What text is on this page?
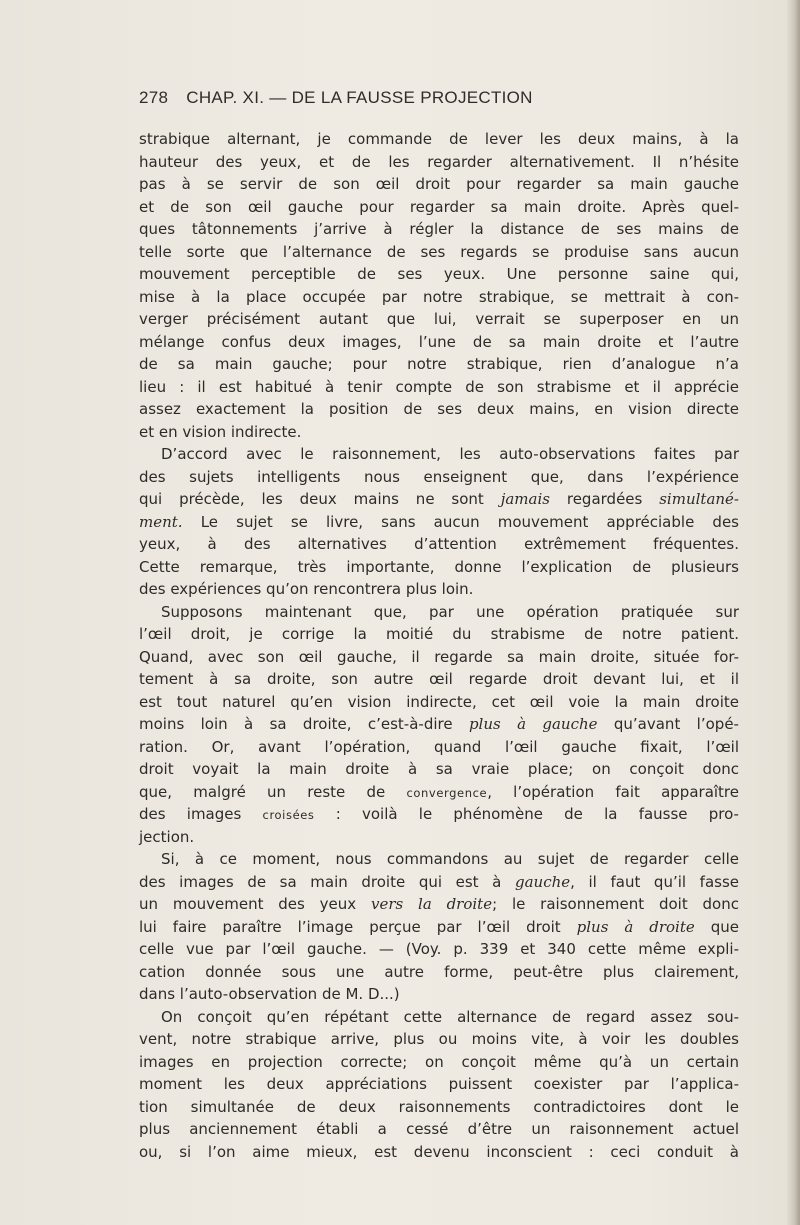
278 CHAP. XI. — DE LA FAUSSE PROJECTION
strabique alternant, je commande de lever les deux mains, à la
hauteur des yeux, et de les regarder alternativement. Il n’hésite
pas à se servir de son œil droit pour regarder sa main gauche
et de son œil gauche pour regarder sa main droite. Après quel-
ques tâtonnements j’arrive à régler la distance de ses mains de
telle sorte que l’alternance de ses regards se produise sans aucun
mouvement perceptible de ses yeux. Une personne saine qui,
mise à la place occupée par notre strabique, se mettrait à con-
verger précisément autant que lui, verrait se superposer en un
mélange confus deux images, l’une de sa main droite et l’autre
de sa main gauche; pour notre strabique, rien d’analogue n’a
lieu : il est habitué à tenir compte de son strabisme et il apprécie
assez exactement la position de ses deux mains, en vision directe
et en vision indirecte.
D’accord avec le raisonnement, les auto-observations faites par
des sujets intelligents nous enseignent que, dans l’expérience
qui précède, les deux mains ne sont jamais regardées simultané-
ment. Le sujet se livre, sans aucun mouvement appréciable des
yeux, à des alternatives d’attention extrêmement fréquentes.
Cette remarque, très importante, donne l’explication de plusieurs
des expériences qu’on rencontrera plus loin.
Supposons maintenant que, par une opération pratiquée sur
l’œil droit, je corrige la moitié du strabisme de notre patient.
Quand, avec son œil gauche, il regarde sa main droite, située for-
tement à sa droite, son autre œil regarde droit devant lui, et il
est tout naturel qu’en vision indirecte, cet œil voie la main droite
moins loin à sa droite, c’est-à-dire plus à gauche qu’avant l’opé-
ration. Or, avant l’opération, quand l’œil gauche fixait, l’œil
droit voyait la main droite à sa vraie place; on conçoit donc
que, malgré un reste de convergence, l’opération fait apparaître
des images croisées : voilà le phénomène de la fausse pro-
jection.
Si, à ce moment, nous commandons au sujet de regarder celle
des images de sa main droite qui est à gauche, il faut qu’il fasse
un mouvement des yeux vers la droite; le raisonnement doit donc
lui faire paraître l’image perçue par l’œil droit plus à droite que
celle vue par l’œil gauche. — (Voy. p. 339 et 340 cette même expli-
cation donnée sous une autre forme, peut-être plus clairement,
dans l’auto-observation de M. D...)
On conçoit qu’en répétant cette alternance de regard assez sou-
vent, notre strabique arrive, plus ou moins vite, à voir les doubles
images en projection correcte; on conçoit même qu’à un certain
moment les deux appréciations puissent coexister par l’applica-
tion simultanée de deux raisonnements contradictoires dont le
plus anciennement établi a cessé d’être un raisonnement actuel
ou, si l’on aime mieux, est devenu inconscient : ceci conduit à
